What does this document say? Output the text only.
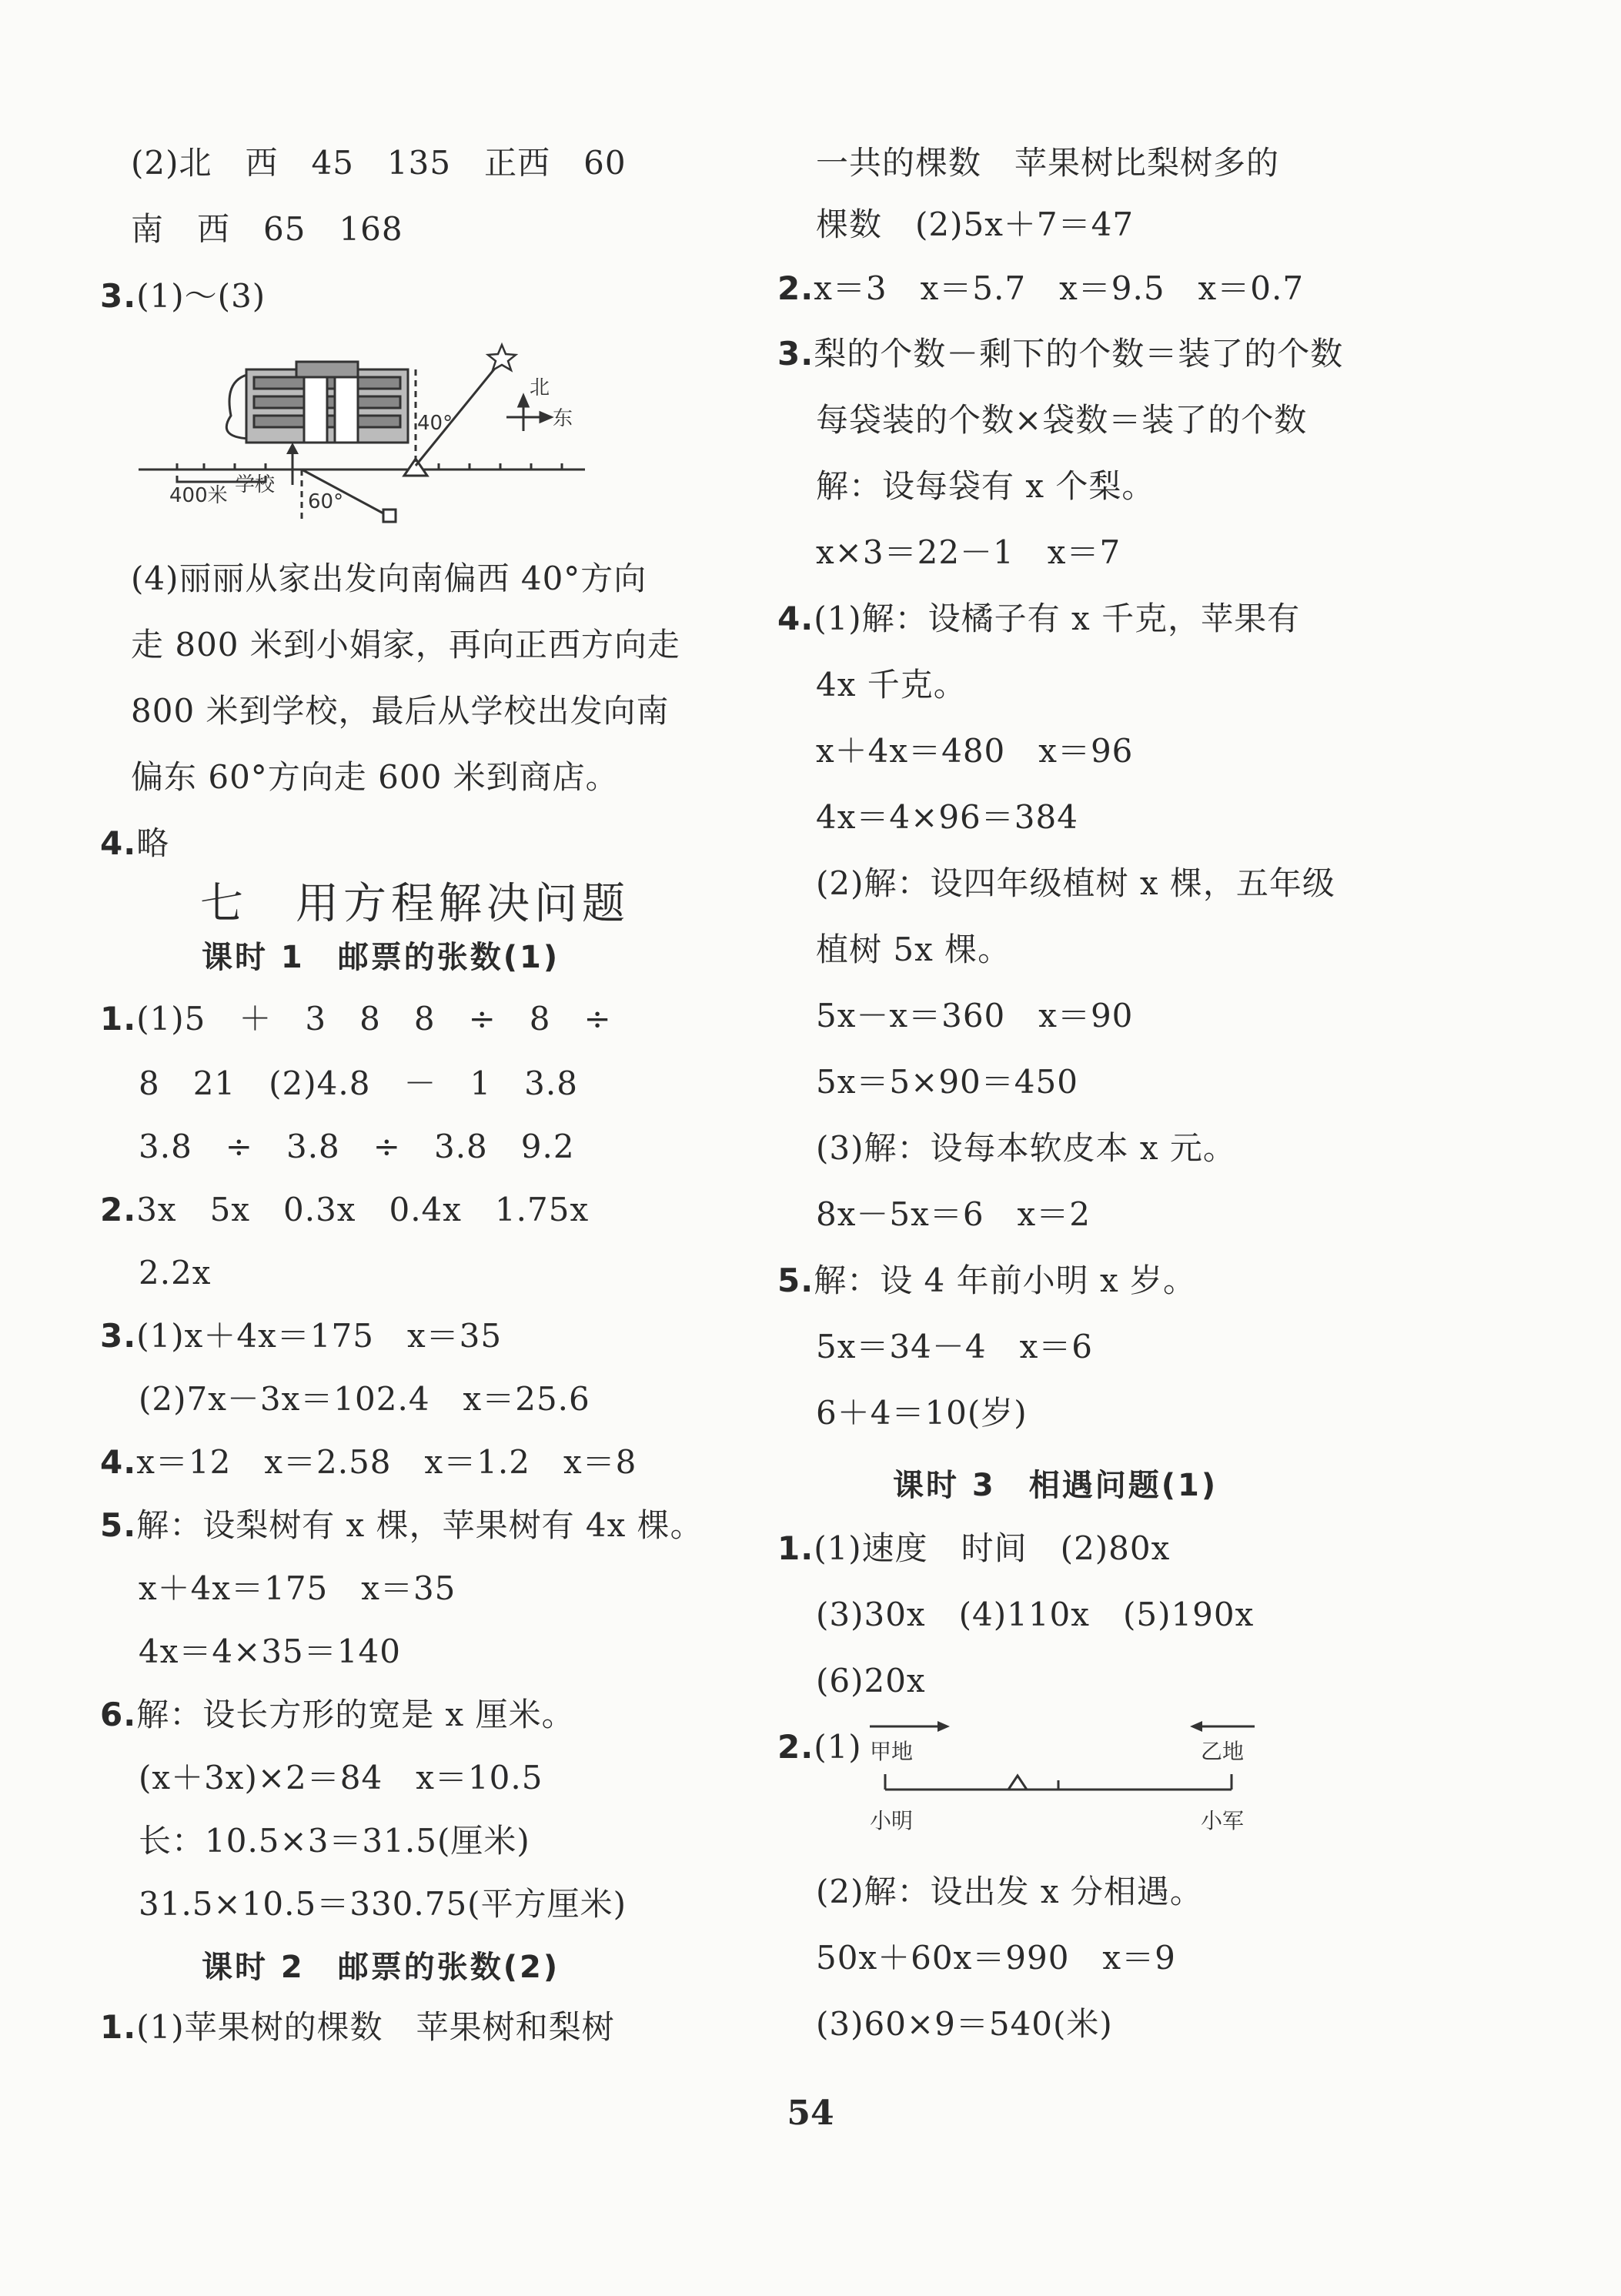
(2)北　西　45　135　正西　60
南　西　65　168
3.(1)～(3)
400米 学校
60°
40°
北
东
(4)丽丽从家出发向南偏西 40°方向
走 800 米到小娟家，再向正西方向走
800 米到学校，最后从学校出发向南
偏东 60°方向走 600 米到商店。
4.略
七　用方程解决问题
课时 1　邮票的张数(1)
1.(1)5　＋　3　8　8　÷　8　÷
8　21　(2)4.8　－　1　3.8
3.8　÷　3.8　÷　3.8　9.2
2.3x　5x　0.3x　0.4x　1.75x
2.2x
3.(1)x＋4x＝175　x＝35
(2)7x－3x＝102.4　x＝25.6
4.x＝12　x＝2.58　x＝1.2　x＝8
5.解：设梨树有 x 棵，苹果树有 4x 棵。
x＋4x＝175　x＝35
4x＝4×35＝140
6.解：设长方形的宽是 x 厘米。
(x＋3x)×2＝84　x＝10.5
长：10.5×3＝31.5(厘米)
31.5×10.5＝330.75(平方厘米)
课时 2　邮票的张数(2)
1.(1)苹果树的棵数　苹果树和梨树
一共的棵数　苹果树比梨树多的
棵数　(2)5x＋7＝47
2.x＝3　x＝5.7　x＝9.5　x＝0.7
3.梨的个数－剩下的个数＝装了的个数
每袋装的个数×袋数＝装了的个数
解：设每袋有 x 个梨。
x×3＝22－1　x＝7
4.(1)解：设橘子有 x 千克，苹果有
4x 千克。
x＋4x＝480　x＝96
4x＝4×96＝384
(2)解：设四年级植树 x 棵，五年级
植树 5x 棵。
5x－x＝360　x＝90
5x＝5×90＝450
(3)解：设每本软皮本 x 元。
8x－5x＝6　x＝2
5.解：设 4 年前小明 x 岁。
5x＝34－4　x＝6
6＋4＝10(岁)
课时 3　相遇问题(1)
1.(1)速度　时间　(2)80x
(3)30x　(4)110x　(5)190x
(6)20x
2.(1) 甲地	乙地
小明	小军
(2)解：设出发 x 分相遇。
50x＋60x＝990　x＝9
(3)60×9＝540(米)
54
